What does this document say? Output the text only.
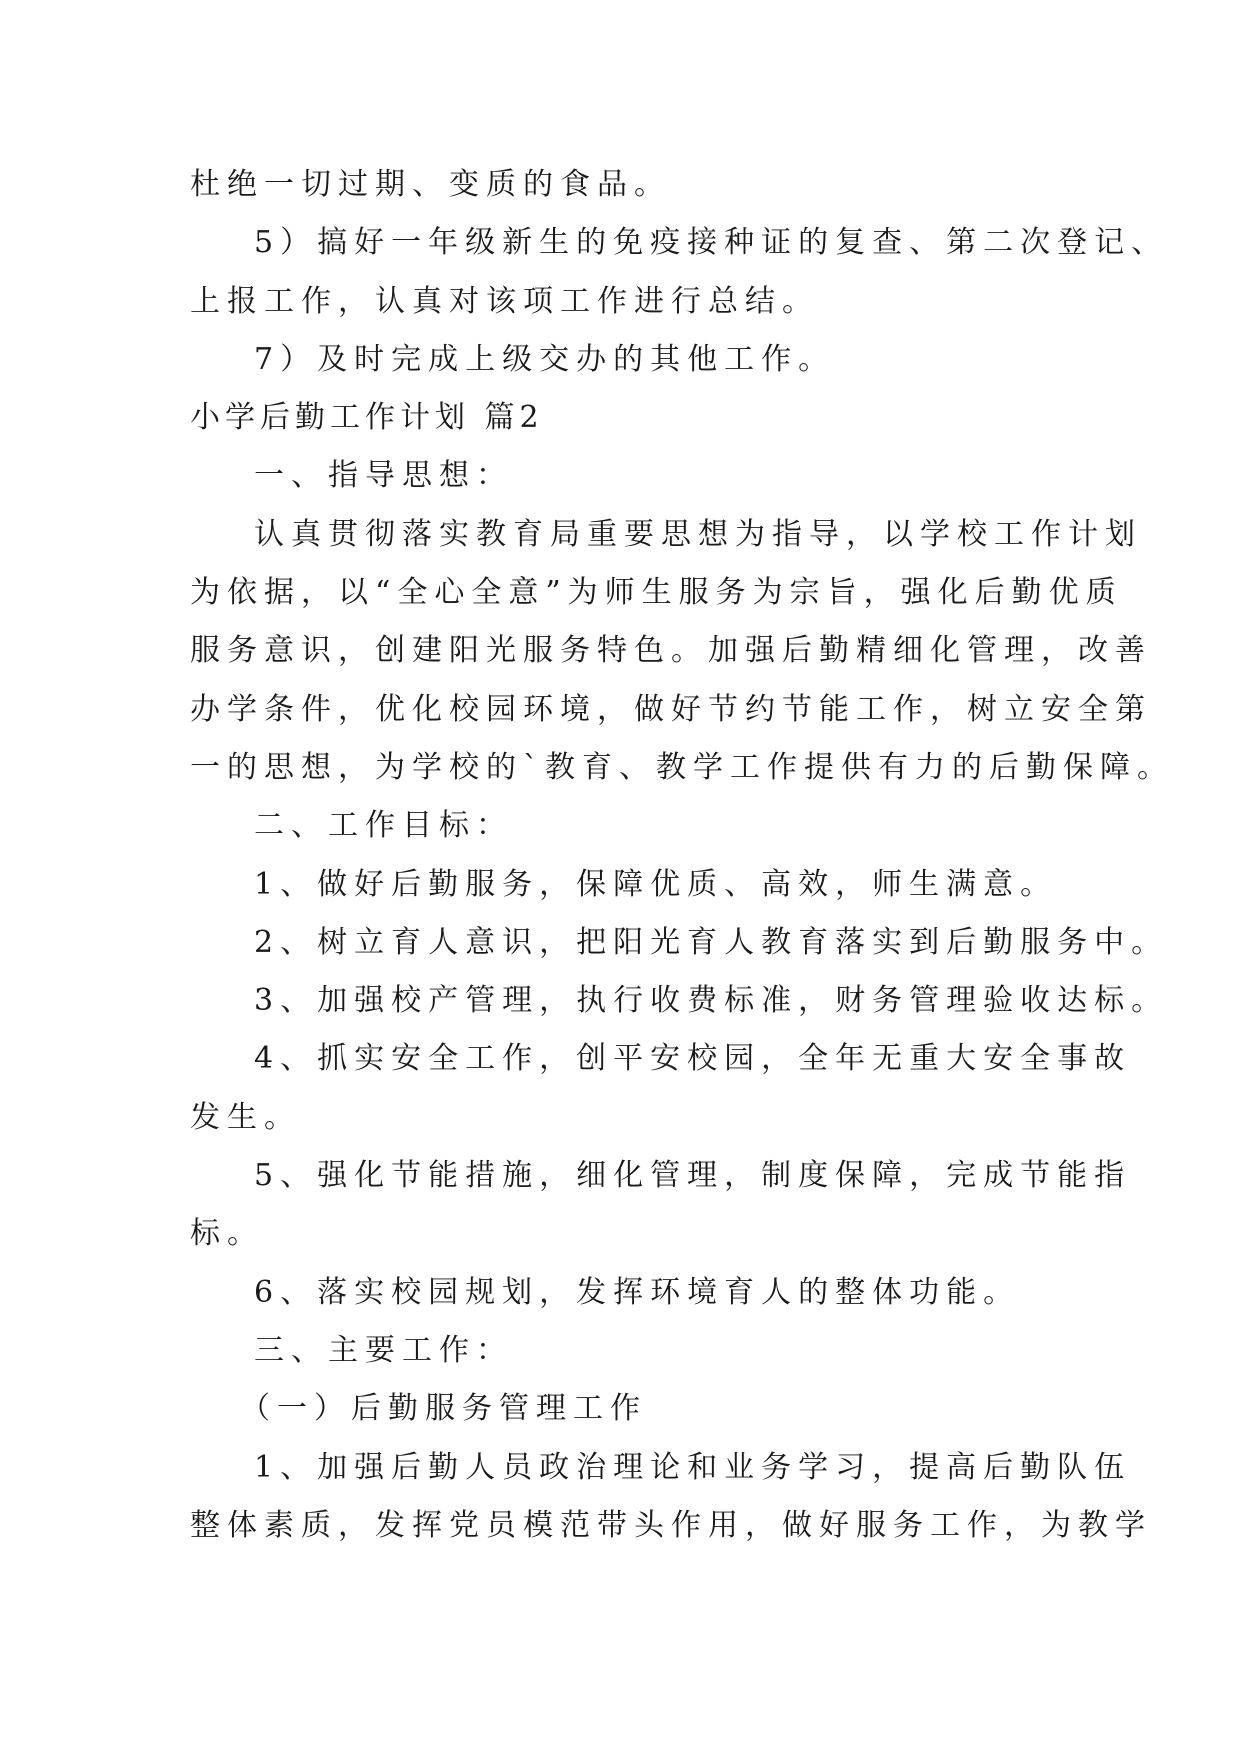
杜绝一切过期、变质的食品。

5）搞好一年级新生的免疫接种证的复查、第二次登记、

上报工作，认真对该项工作进行总结。

7）及时完成上级交办的其他工作。

小学后勤工作计划 篇2

一、指导思想：

认真贯彻落实教育局重要思想为指导，以学校工作计划

为依据，以“全心全意”为师生服务为宗旨，强化后勤优质

服务意识，创建阳光服务特色。加强后勤精细化管理，改善

办学条件，优化校园环境，做好节约节能工作，树立安全第

一的思想，为学校的`教育、教学工作提供有力的后勤保障。

二、工作目标：

1、做好后勤服务，保障优质、高效，师生满意。

2、树立育人意识，把阳光育人教育落实到后勤服务中。

3、加强校产管理，执行收费标准，财务管理验收达标。

4、抓实安全工作，创平安校园，全年无重大安全事故

发生。

5、强化节能措施，细化管理，制度保障，完成节能指

标。

6、落实校园规划，发挥环境育人的整体功能。

三、主要工作：

（一）后勤服务管理工作

1、加强后勤人员政治理论和业务学习，提高后勤队伍

整体素质，发挥党员模范带头作用，做好服务工作，为教学
